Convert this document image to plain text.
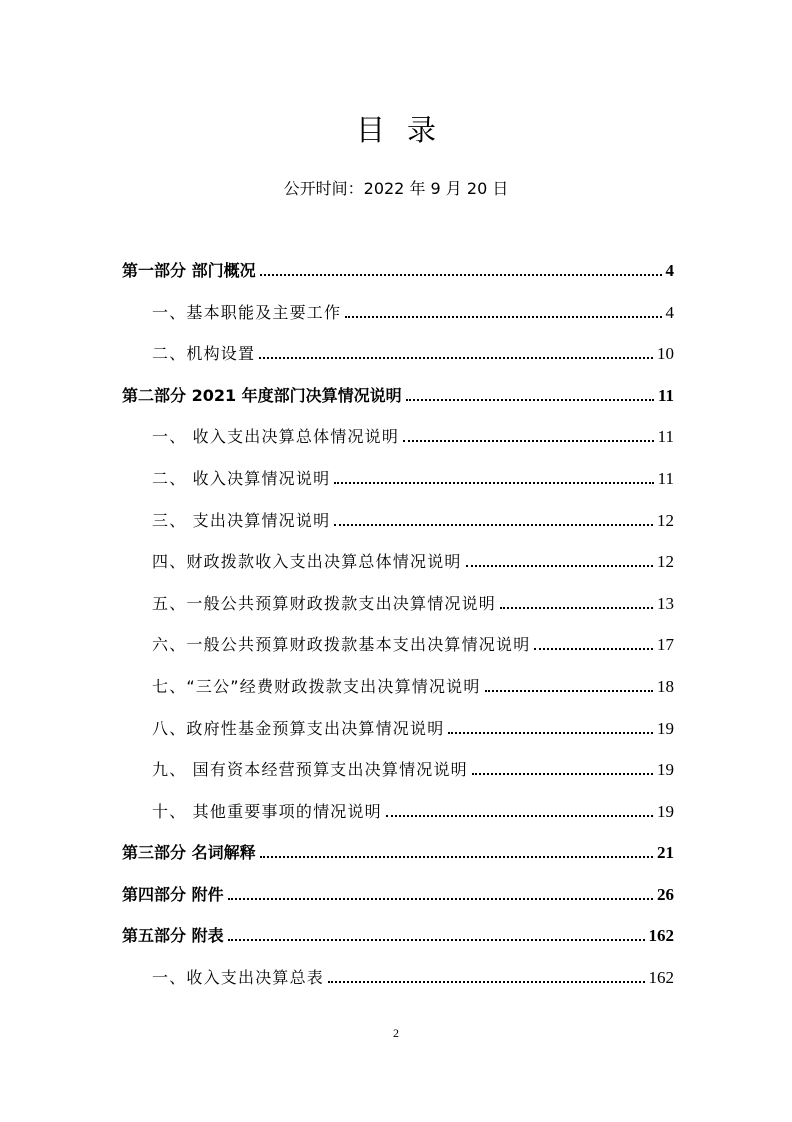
目录
公开时间：2022 年 9 月 20 日
第一部分 部门概况	4
一、基本职能及主要工作	4
二、机构设置	10
第二部分 2021 年度部门决算情况说明	11
一、 收入支出决算总体情况说明	11
二、 收入决算情况说明	11
三、 支出决算情况说明	12
四、财政拨款收入支出决算总体情况说明	12
五、一般公共预算财政拨款支出决算情况说明	13
六、一般公共预算财政拨款基本支出决算情况说明	17
七、“三公”经费财政拨款支出决算情况说明	18
八、政府性基金预算支出决算情况说明	19
九、 国有资本经营预算支出决算情况说明	19
十、 其他重要事项的情况说明	19
第三部分 名词解释	21
第四部分 附件	26
第五部分 附表	162
一、收入支出决算总表	162
2
